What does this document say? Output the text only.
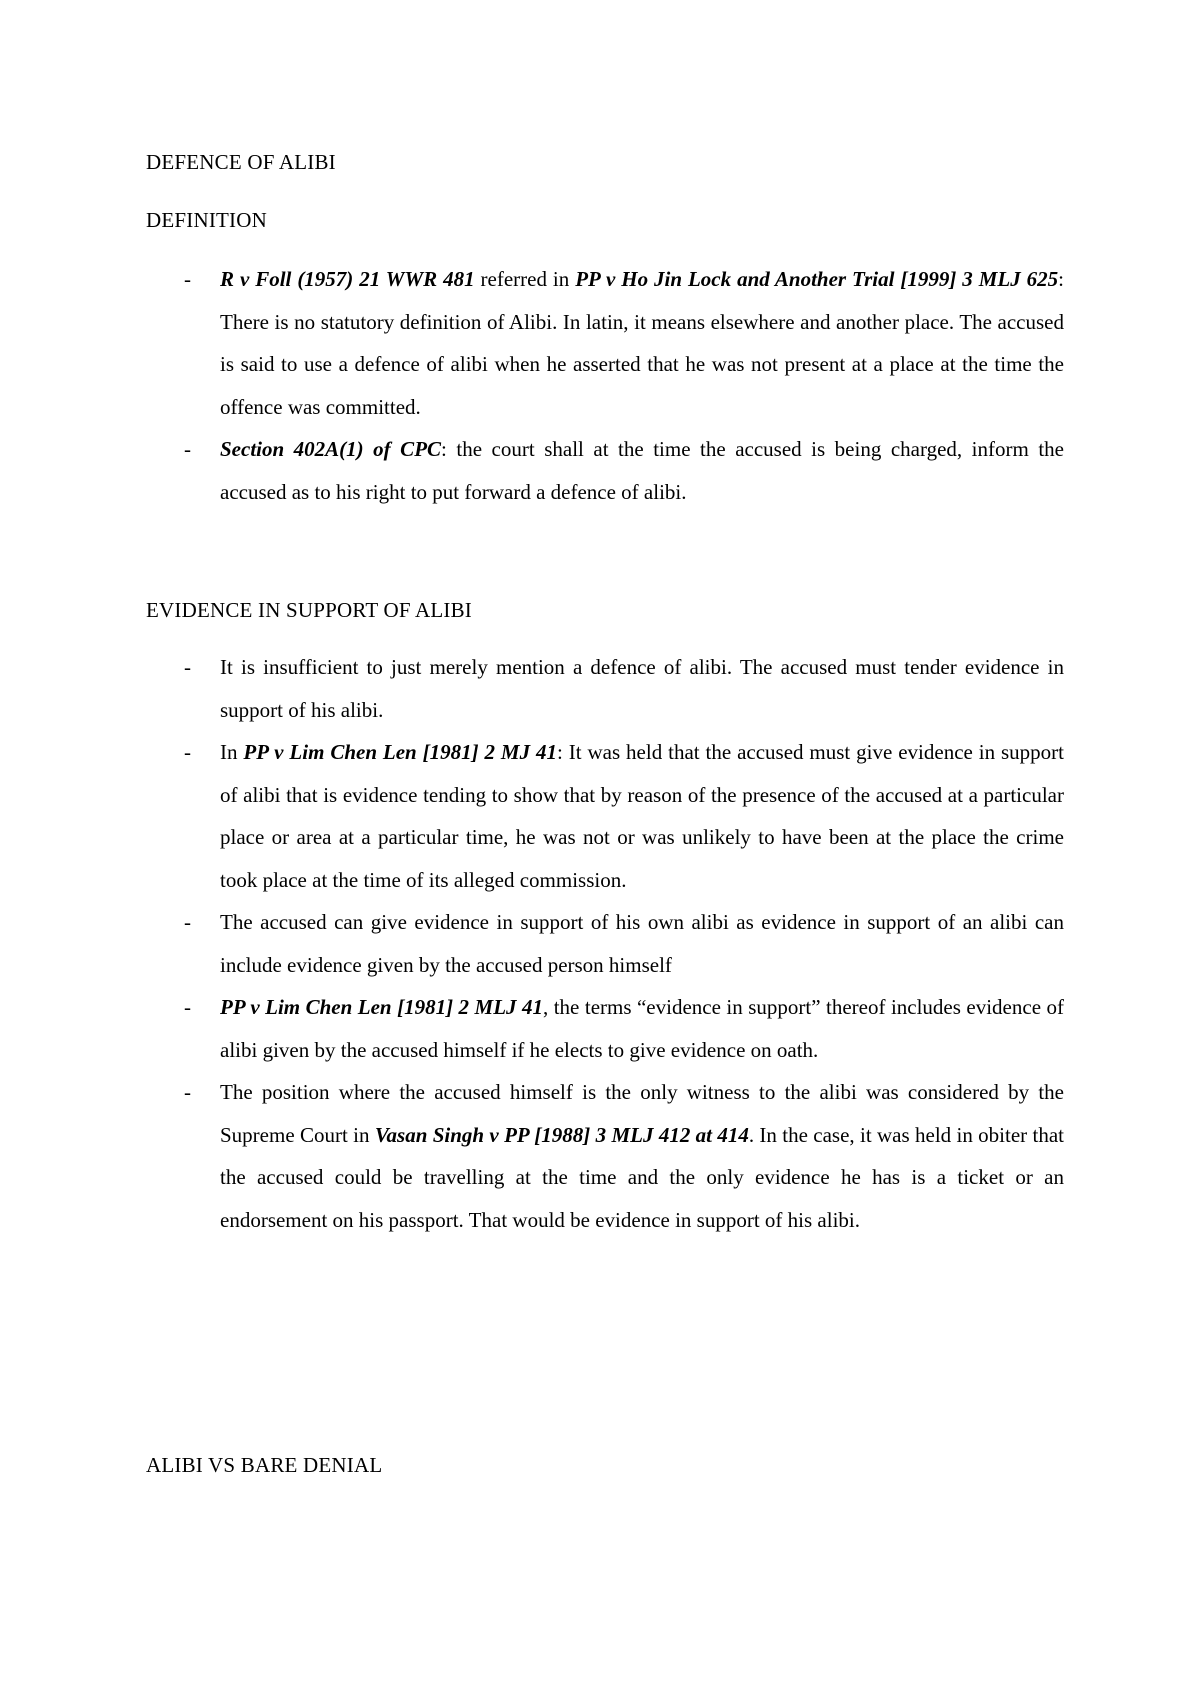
DEFENCE OF ALIBI
DEFINITION
- R v Foll (1957) 21 WWR 481 referred in PP v Ho Jin Lock and Another Trial [1999] 3 MLJ 625: There is no statutory definition of Alibi. In latin, it means elsewhere and another place. The accused is said to use a defence of alibi when he asserted that he was not present at a place at the time the offence was committed.
- Section 402A(1) of CPC: the court shall at the time the accused is being charged, inform the accused as to his right to put forward a defence of alibi.
EVIDENCE IN SUPPORT OF ALIBI
- It is insufficient to just merely mention a defence of alibi. The accused must tender evidence in support of his alibi.
- In PP v Lim Chen Len [1981] 2 MJ 41: It was held that the accused must give evidence in support of alibi that is evidence tending to show that by reason of the presence of the accused at a particular place or area at a particular time, he was not or was unlikely to have been at the place the crime took place at the time of its alleged commission.
- The accused can give evidence in support of his own alibi as evidence in support of an alibi can include evidence given by the accused person himself
- PP v Lim Chen Len [1981] 2 MLJ 41, the terms “evidence in support” thereof includes evidence of alibi given by the accused himself if he elects to give evidence on oath.
- The position where the accused himself is the only witness to the alibi was considered by the Supreme Court in Vasan Singh v PP [1988] 3 MLJ 412 at 414. In the case, it was held in obiter that the accused could be travelling at the time and the only evidence he has is a ticket or an endorsement on his passport. That would be evidence in support of his alibi.
ALIBI VS BARE DENIAL
